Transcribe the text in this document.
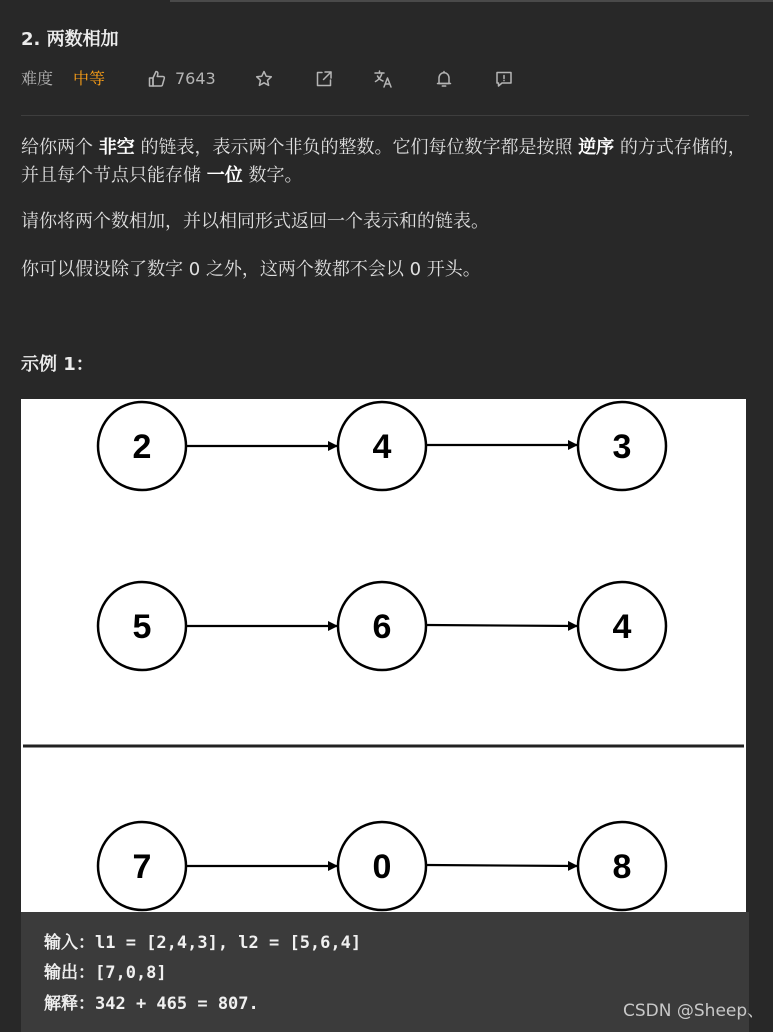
2. 两数相加
难度 中等	7643

给你两个 非空 的链表，表示两个非负的整数。它们每位数字都是按照 逆序 的方式存储的，并且每个节点只能存储 一位 数字。

请你将两个数相加，并以相同形式返回一个表示和的链表。

你可以假设除了数字 0 之外，这两个数都不会以 0 开头。

示例 1：
2	4	3
5	6	4
7	0	8
输入：l1 = [2,4,3], l2 = [5,6,4]
输出：[7,0,8]
解释：342 + 465 = 807.	CSDN @Sheep、
